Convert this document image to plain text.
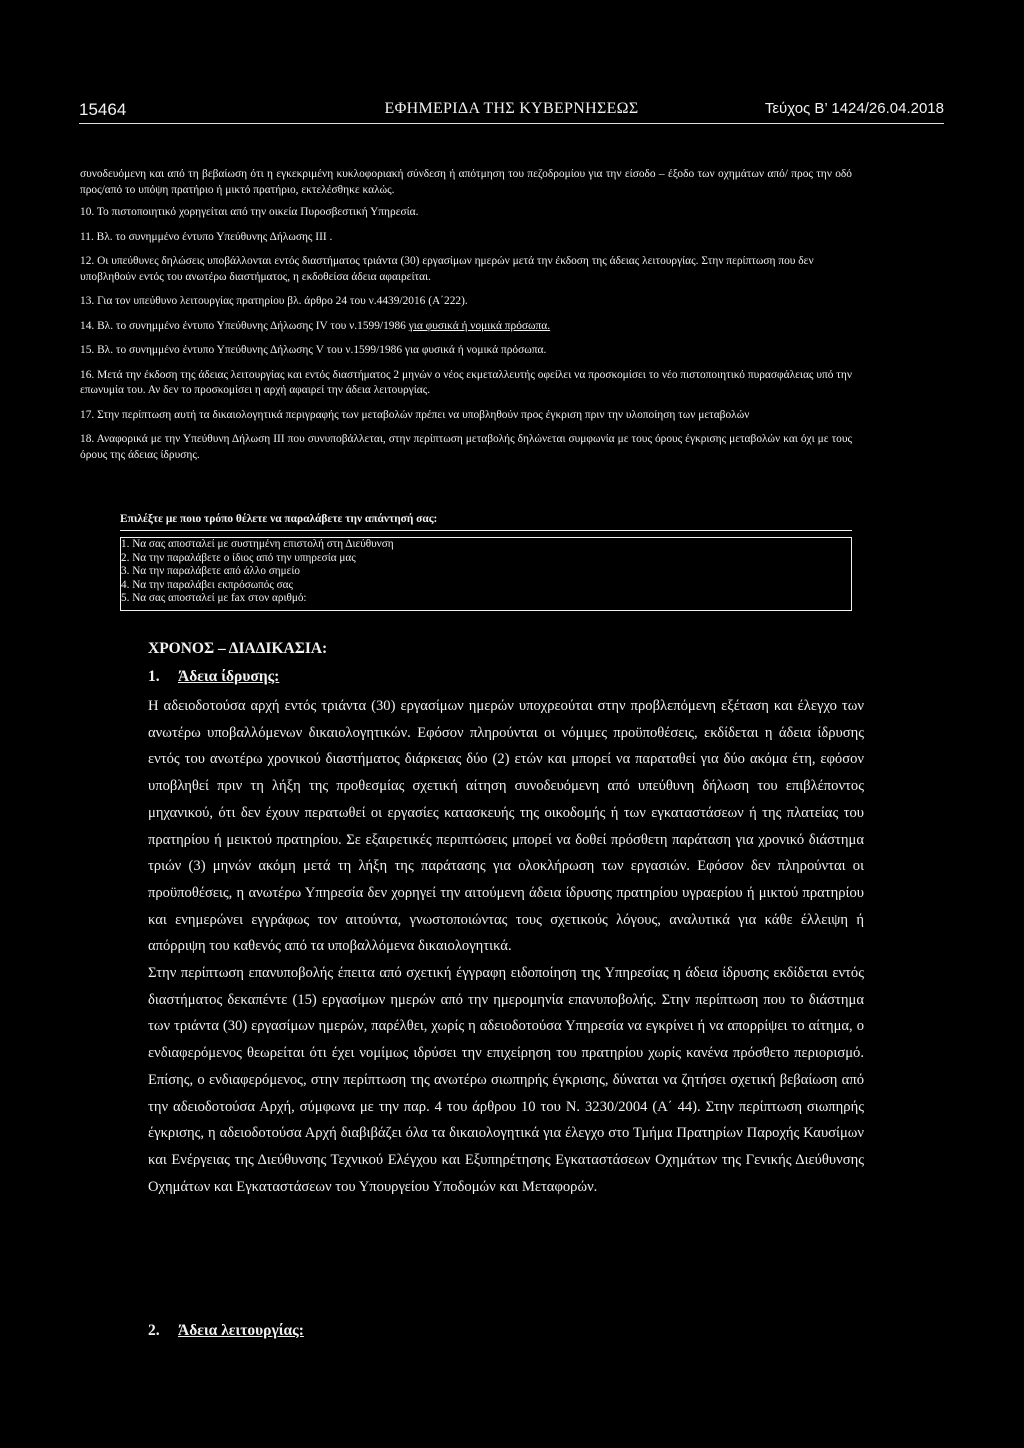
15464	ΕΦΗΜΕΡΙΔΑ ΤΗΣ ΚΥΒΕΡΝΗΣΕΩΣ	Τεύχος Β’ 1424/26.04.2018

συνοδευόμενη και από τη βεβαίωση ότι η εγκεκριμένη κυκλοφοριακή σύνδεση ή απότμηση του πεζοδρομίου για την είσοδο – έξοδο των οχημάτων από/ προς την οδό προς/από το υπόψη πρατήριο ή μικτό πρατήριο, εκτελέσθηκε καλώς.

10. Το πιστοποιητικό χορηγείται από την οικεία Πυροσβεστική Υπηρεσία.

11. Βλ. το συνημμένο έντυπο Υπεύθυνης Δήλωσης ΙΙΙ .

12. Οι υπεύθυνες δηλώσεις υποβάλλονται εντός διαστήματος τριάντα (30) εργασίμων ημερών μετά την έκδοση της άδειας λειτουργίας. Στην περίπτωση που δεν υποβληθούν εντός του ανωτέρω διαστήματος, η εκδοθείσα άδεια αφαιρείται.

13. Για τον υπεύθυνο λειτουργίας πρατηρίου βλ. άρθρο 24 του ν.4439/2016 (Α΄222).

14. Βλ. το συνημμένο έντυπο Υπεύθυνης Δήλωσης IV του ν.1599/1986 για φυσικά ή νομικά πρόσωπα.

15. Βλ. το συνημμένο έντυπο Υπεύθυνης Δήλωσης V του ν.1599/1986 για φυσικά ή νομικά πρόσωπα.

16. Μετά την έκδοση της άδειας λειτουργίας και εντός διαστήματος 2 μηνών ο νέος εκμεταλλευτής οφείλει να προσκομίσει το νέο πιστοποιητικό πυρασφάλειας υπό την επωνυμία του. Αν δεν το προσκομίσει η αρχή αφαιρεί την άδεια λειτουργίας.

17. Στην περίπτωση αυτή τα δικαιολογητικά περιγραφής των μεταβολών πρέπει να υποβληθούν προς έγκριση πριν την υλοποίηση των μεταβολών

18. Αναφορικά με την Υπεύθυνη Δήλωση ΙΙΙ που συνυποβάλλεται, στην περίπτωση μεταβολής δηλώνεται συμφωνία με τους όρους έγκρισης μεταβολών και όχι με τους όρους της άδειας ίδρυσης.

Επιλέξτε με ποιο τρόπο θέλετε να παραλάβετε την απάντησή σας:
1. Να σας αποσταλεί με συστημένη επιστολή στη Διεύθυνση
2. Να την παραλάβετε ο ίδιος από την υπηρεσία μας
3. Να την παραλάβετε από άλλο σημείο
4. Να την παραλάβει εκπρόσωπός σας
5. Να σας αποσταλεί με fax στον αριθμό:
ΧΡΟΝΟΣ – ΔΙΑΔΙΚΑΣΙΑ:
1. Άδεια ίδρυσης:

Η αδειοδοτούσα αρχή εντός τριάντα (30) εργασίμων ημερών υποχρεούται στην προβλεπόμενη εξέταση και έλεγχο των ανωτέρω υποβαλλόμενων δικαιολογητικών. Εφόσον πληρούνται οι νόμιμες προϋποθέσεις, εκδίδεται η άδεια ίδρυσης εντός του ανωτέρω χρονικού διαστήματος διάρκειας δύο (2) ετών και μπορεί να παραταθεί για δύο ακόμα έτη, εφόσον υποβληθεί πριν τη λήξη της προθεσμίας σχετική αίτηση συνοδευόμενη από υπεύθυνη δήλωση του επιβλέποντος μηχανικού, ότι δεν έχουν περατωθεί οι εργασίες κατασκευής της οικοδομής ή των εγκαταστάσεων ή της πλατείας του πρατηρίου ή μεικτού πρατηρίου. Σε εξαιρετικές περιπτώσεις μπορεί να δοθεί πρόσθετη παράταση για χρονικό διάστημα τριών (3) μηνών ακόμη μετά τη λήξη της παράτασης για ολοκλήρωση των εργασιών. Εφόσον δεν πληρούνται οι προϋποθέσεις, η ανωτέρω Υπηρεσία δεν χορηγεί την αιτούμενη άδεια ίδρυσης πρατηρίου υγραερίου ή μικτού πρατηρίου και ενημερώνει εγγράφως τον αιτούντα, γνωστοποιώντας τους σχετικούς λόγους, αναλυτικά για κάθε έλλειψη ή απόρριψη του καθενός από τα υποβαλλόμενα δικαιολογητικά.

Στην περίπτωση επανυποβολής έπειτα από σχετική έγγραφη ειδοποίηση της Υπηρεσίας η άδεια ίδρυσης εκδίδεται εντός διαστήματος δεκαπέντε (15) εργασίμων ημερών από την ημερομηνία επανυποβολής. Στην περίπτωση που το διάστημα των τριάντα (30) εργασίμων ημερών, παρέλθει, χωρίς η αδειοδοτούσα Υπηρεσία να εγκρίνει ή να απορρίψει το αίτημα, ο ενδιαφερόμενος θεωρείται ότι έχει νομίμως ιδρύσει την επιχείρηση του πρατηρίου χωρίς κανένα πρόσθετο περιορισμό. Επίσης, ο ενδιαφερόμενος, στην περίπτωση της ανωτέρω σιωπηρής έγκρισης, δύναται να ζητήσει σχετική βεβαίωση από την αδειοδοτούσα Αρχή, σύμφωνα με την παρ. 4 του άρθρου 10 του Ν. 3230/2004 (Α΄ 44). Στην περίπτωση σιωπηρής έγκρισης, η αδειοδοτούσα Αρχή διαβιβάζει όλα τα δικαιολογητικά για έλεγχο στο Τμήμα Πρατηρίων Παροχής Καυσίμων και Ενέργειας της Διεύθυνσης Τεχνικού Ελέγχου και Εξυπηρέτησης Εγκαταστάσεων Οχημάτων της Γενικής Διεύθυνσης Οχημάτων και Εγκαταστάσεων του Υπουργείου Υποδομών και Μεταφορών.

2. Άδεια λειτουργίας:
